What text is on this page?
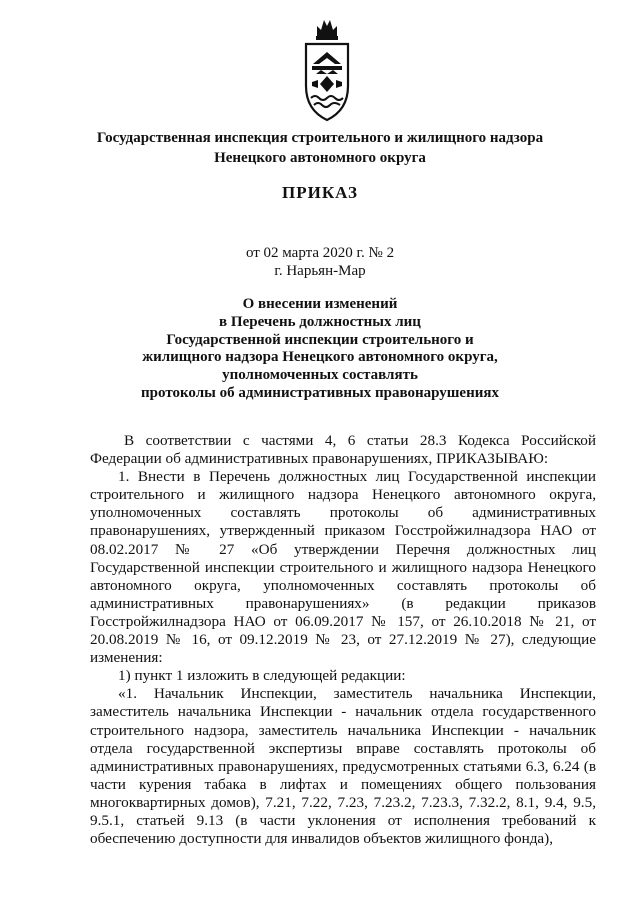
Государственная инспекция строительного и жилищного надзора
Ненецкого автономного округа
ПРИКАЗ
от 02 марта 2020 г. № 2
г. Нарьян-Мар
О внесении изменений
в Перечень должностных лиц
Государственной инспекции строительного и
жилищного надзора Ненецкого автономного округа,
уполномоченных составлять
протоколы об административных правонарушениях

В соответствии с частями 4, 6 статьи 28.3 Кодекса Российской Федерации об административных правонарушениях, ПРИКАЗЫВАЮ:

1. Внести в Перечень должностных лиц Государственной инспекции строительного и жилищного надзора Ненецкого автономного округа, уполномоченных составлять протоколы об административных правонарушениях, утвержденный приказом Госстройжилнадзора НАО от 08.02.2017 № 27 «Об утверждении Перечня должностных лиц Государственной инспекции строительного и жилищного надзора Ненецкого автономного округа, уполномоченных составлять протоколы об административных правонарушениях» (в редакции приказов Госстройжилнадзора НАО от 06.09.2017 № 157, от 26.10.2018 № 21, от 20.08.2019 № 16, от 09.12.2019 № 23, от 27.12.2019 № 27), следующие изменения:

1) пункт 1 изложить в следующей редакции:

«1. Начальник Инспекции, заместитель начальника Инспекции, заместитель начальника Инспекции - начальник отдела государственного строительного надзора, заместитель начальника Инспекции - начальник отдела государственной экспертизы вправе составлять протоколы об административных правонарушениях, предусмотренных статьями 6.3, 6.24 (в части курения табака в лифтах и помещениях общего пользования многоквартирных домов), 7.21, 7.22, 7.23, 7.23.2, 7.23.3, 7.32.2, 8.1, 9.4, 9.5, 9.5.1, статьей 9.13 (в части уклонения от исполнения требований к обеспечению доступности для инвалидов объектов жилищного фонда),
